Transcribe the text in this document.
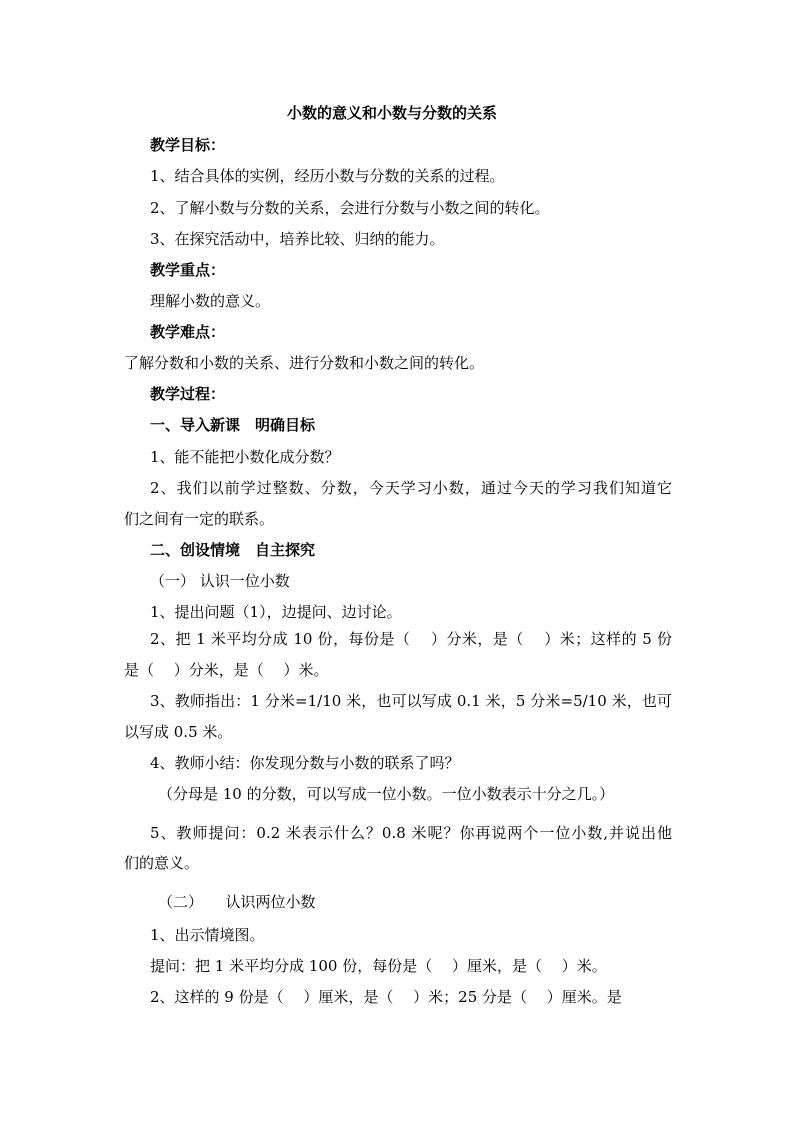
小数的意义和小数与分数的关系
教学目标：
1、结合具体的实例，经历小数与分数的关系的过程。
2、了解小数与分数的关系，会进行分数与小数之间的转化。
3、在探究活动中，培养比较、归纳的能力。
教学重点：
理解小数的意义。
教学难点：
了解分数和小数的关系、进行分数和小数之间的转化。
教学过程：
一、导入新课　明确目标
1、能不能把小数化成分数？
2、我们以前学过整数、分数，今天学习小数，通过今天的学习我们知道它
们之间有一定的联系。
二、创设情境　自主探究
（一） 认识一位小数
1、提出问题（1），边提问、边讨论。
2、把 1 米平均分成 10 份，每份是（　 ）分米，是（　 ）米；这样的 5 份
是（　 ）分米，是（　 ）米。
3、教师指出：1 分米=1/10 米，也可以写成 0.1 米，5 分米=5/10 米，也可
以写成 0.5 米。
4、教师小结：你发现分数与小数的联系了吗？
（分母是 10 的分数，可以写成一位小数。一位小数表示十分之几。）
5、教师提问：0.2 米表示什么？0.8 米呢？你再说两个一位小数,并说出他
们的意义。
（二）　　认识两位小数
1、出示情境图。
提问：把 1 米平均分成 100 份，每份是（　 ）厘米，是（　 ）米。
2、这样的 9 份是（　 ）厘米，是（　 ）米；25 分是（　 ）厘米。是
